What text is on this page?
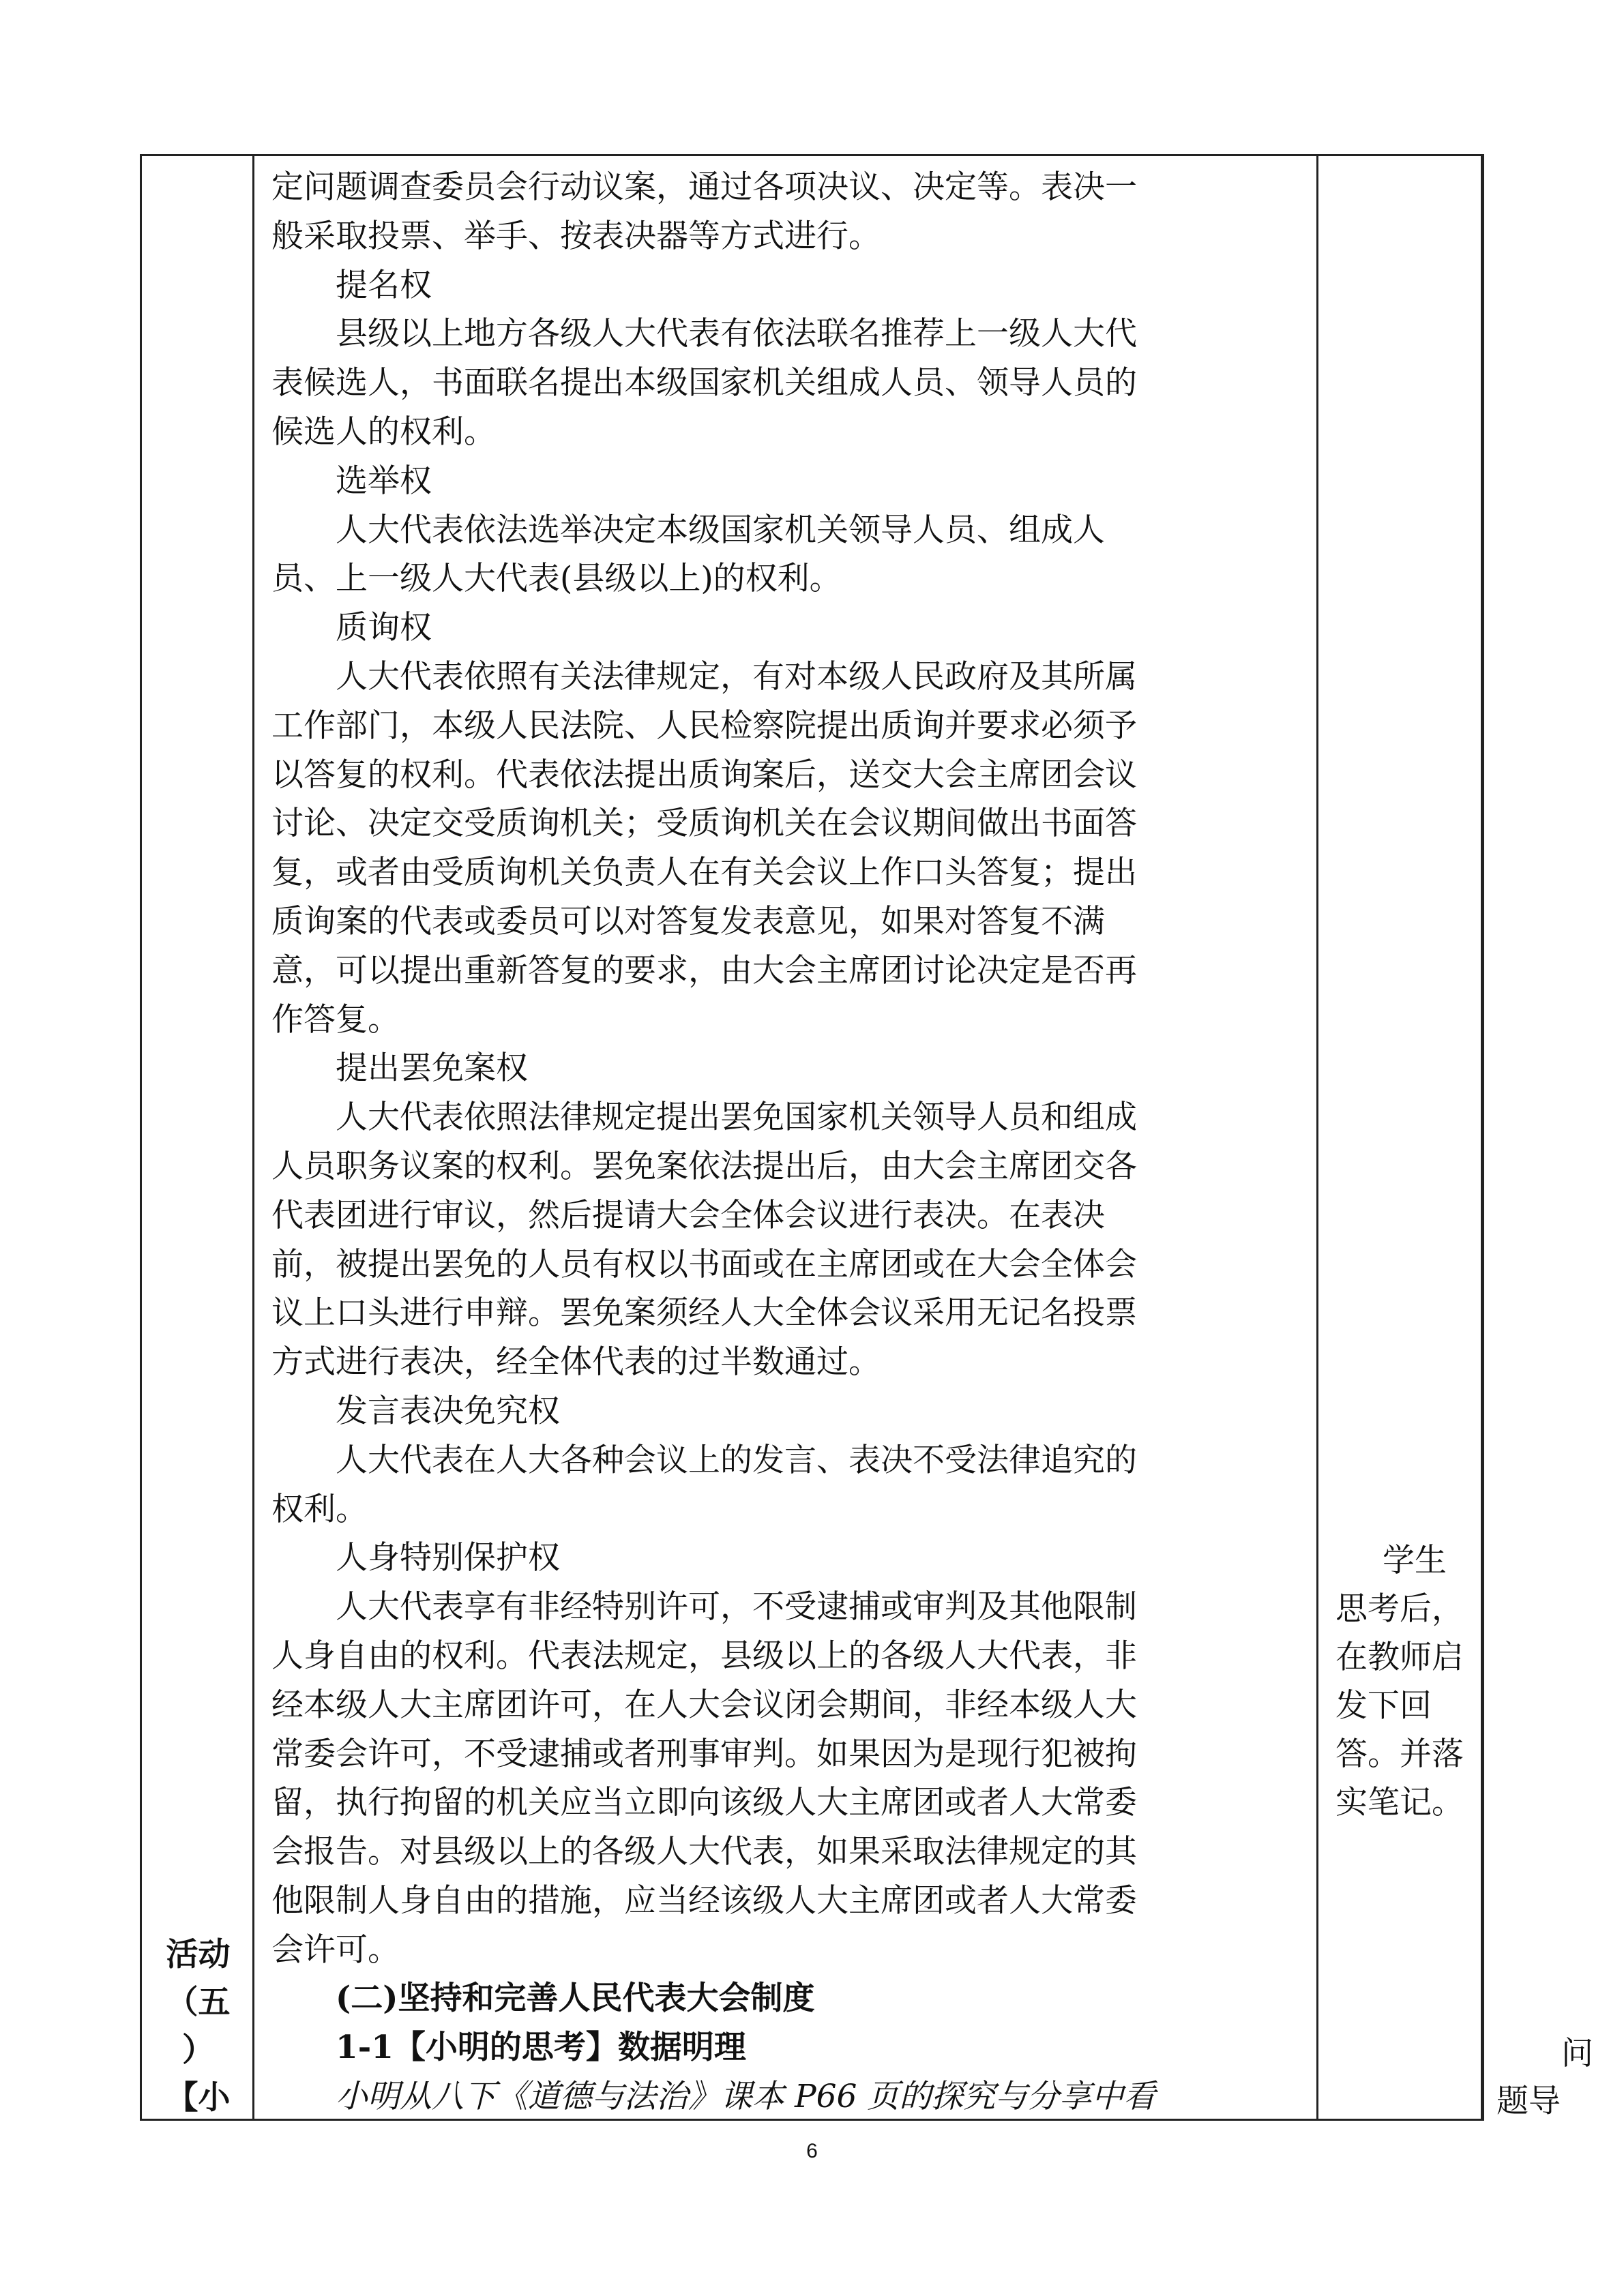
活动
（五
）
【小

定问题调查委员会行动议案，通过各项决议、决定等。表决一

般采取投票、举手、按表决器等方式进行。

提名权

县级以上地方各级人大代表有依法联名推荐上一级人大代

表候选人，书面联名提出本级国家机关组成人员、领导人员的

候选人的权利。

选举权

人大代表依法选举决定本级国家机关领导人员、组成人

员、上一级人大代表(县级以上)的权利。

质询权

人大代表依照有关法律规定，有对本级人民政府及其所属

工作部门，本级人民法院、人民检察院提出质询并要求必须予

以答复的权利。代表依法提出质询案后，送交大会主席团会议

讨论、决定交受质询机关；受质询机关在会议期间做出书面答

复，或者由受质询机关负责人在有关会议上作口头答复；提出

质询案的代表或委员可以对答复发表意见，如果对答复不满

意，可以提出重新答复的要求，由大会主席团讨论决定是否再

作答复。

提出罢免案权

人大代表依照法律规定提出罢免国家机关领导人员和组成

人员职务议案的权利。罢免案依法提出后，由大会主席团交各

代表团进行审议，然后提请大会全体会议进行表决。在表决

前，被提出罢免的人员有权以书面或在主席团或在大会全体会

议上口头进行申辩。罢免案须经人大全体会议采用无记名投票

方式进行表决，经全体代表的过半数通过。

发言表决免究权

人大代表在人大各种会议上的发言、表决不受法律追究的

权利。

人身特别保护权

人大代表享有非经特别许可，不受逮捕或审判及其他限制

人身自由的权利。代表法规定，县级以上的各级人大代表，非

经本级人大主席团许可，在人大会议闭会期间，非经本级人大

常委会许可，不受逮捕或者刑事审判。如果因为是现行犯被拘

留，执行拘留的机关应当立即向该级人大主席团或者人大常委

会报告。对县级以上的各级人大代表，如果采取法律规定的其

他限制人身自由的措施，应当经该级人大主席团或者人大常委

会许可。

(二)坚持和完善人民代表大会制度

1-1【小明的思考】数据明理

小明从八下《道德与法治》课本 P66 页的探究与分享中看

学生

思考后，

在教师启

发下回

答。并落

实笔记。

问
题导
6
